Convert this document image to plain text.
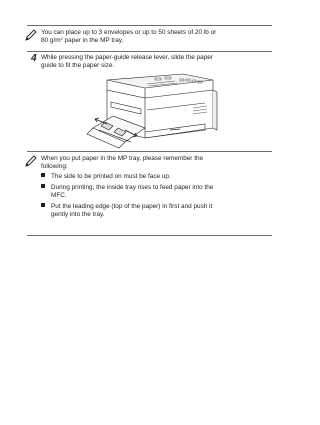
You can place up to 3 envelopes or up to 50 sheets of 20 lb or
80 $g/m^2$ paper in the MP tray.
4 While pressing the paper-guide release lever, slide the paper
guide to fit the paper size.
When you put paper in the MP tray, please remember the
following:
The side to be printed on must be face up.
During printing, the inside tray rises to feed paper into the
MFC.
Put the leading edge (top of the paper) in first and push it
gently into the tray.
